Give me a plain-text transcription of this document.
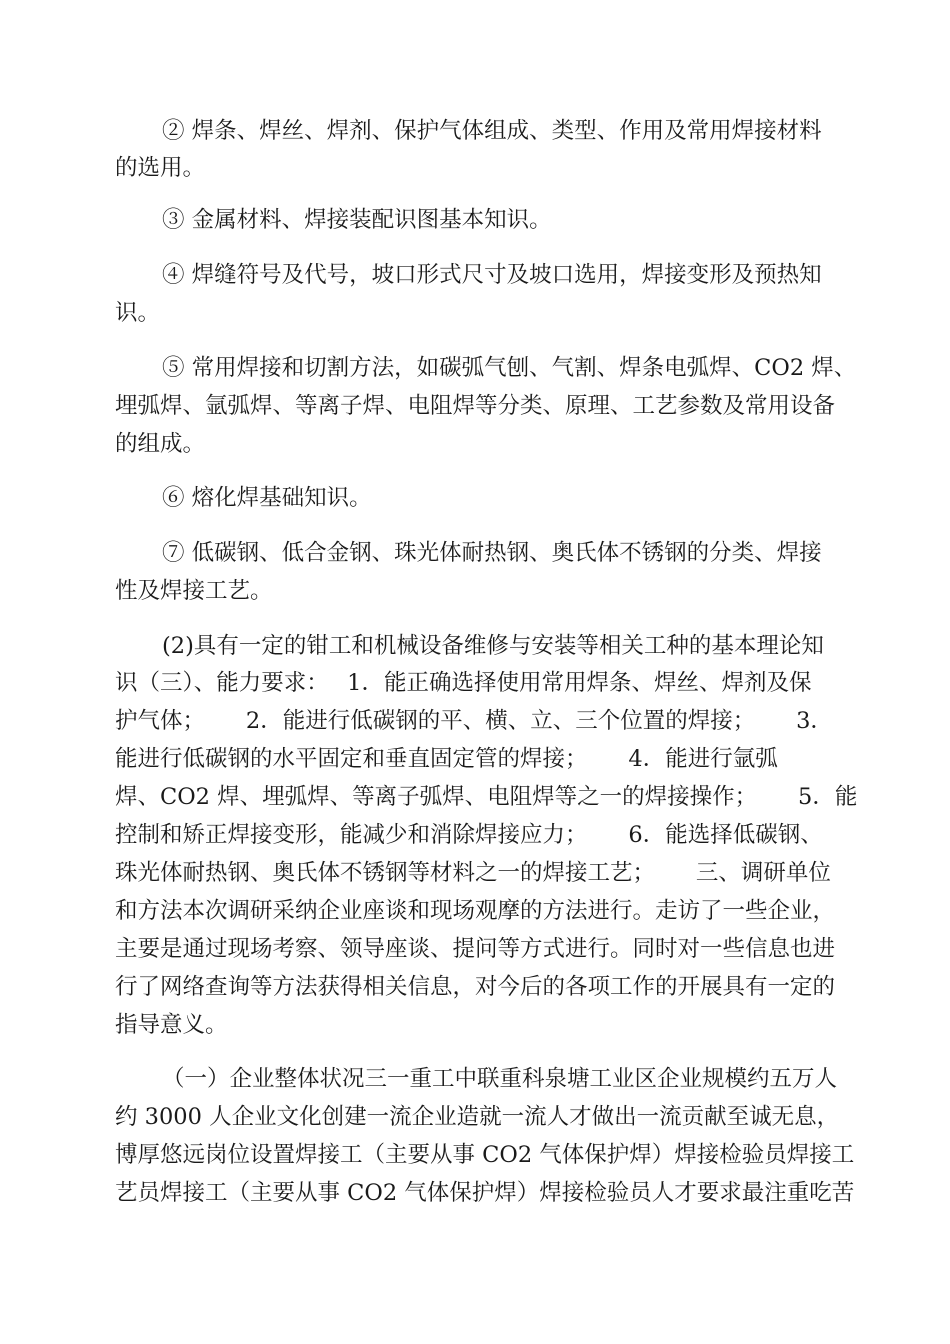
② 焊条、焊丝、焊剂、保护气体组成、类型、作用及常用焊接材料

的选用。

③ 金属材料、焊接装配识图基本知识。

④ 焊缝符号及代号，坡口形式尺寸及坡口选用，焊接变形及预热知

识。

⑤ 常用焊接和切割方法，如碳弧气刨、气割、焊条电弧焊、CO2 焊、

埋弧焊、氩弧焊、等离子焊、电阻焊等分类、原理、工艺参数及常用设备

的组成。

⑥ 熔化焊基础知识。

⑦ 低碳钢、低合金钢、珠光体耐热钢、奥氏体不锈钢的分类、焊接

性及焊接工艺。

(2)具有一定的钳工和机械设备维修与安装等相关工种的基本理论知

识（三）、能力要求：　 1．能正确选择使用常用焊条、焊丝、焊剂及保

护气体；　　 2．能进行低碳钢的平、横、立、三个位置的焊接；　　 3．

能进行低碳钢的水平固定和垂直固定管的焊接；　　 4．能进行氩弧

焊、CO2 焊、埋弧焊、等离子弧焊、电阻焊等之一的焊接操作；　　 5．能

控制和矫正焊接变形，能减少和消除焊接应力；　　 6．能选择低碳钢、

珠光体耐热钢、奥氏体不锈钢等材料之一的焊接工艺；　　 三、调研单位

和方法本次调研采纳企业座谈和现场观摩的方法进行。走访了一些企业，

主要是通过现场考察、领导座谈、提问等方式进行。同时对一些信息也进

行了网络查询等方法获得相关信息，对今后的各项工作的开展具有一定的

指导意义。

（一）企业整体状况三一重工中联重科泉塘工业区企业规模约五万人

约 3000 人企业文化创建一流企业造就一流人才做出一流贡献至诚无息，

博厚悠远岗位设置焊接工（主要从事 CO2 气体保护焊）焊接检验员焊接工

艺员焊接工（主要从事 CO2 气体保护焊）焊接检验员人才要求最注重吃苦
